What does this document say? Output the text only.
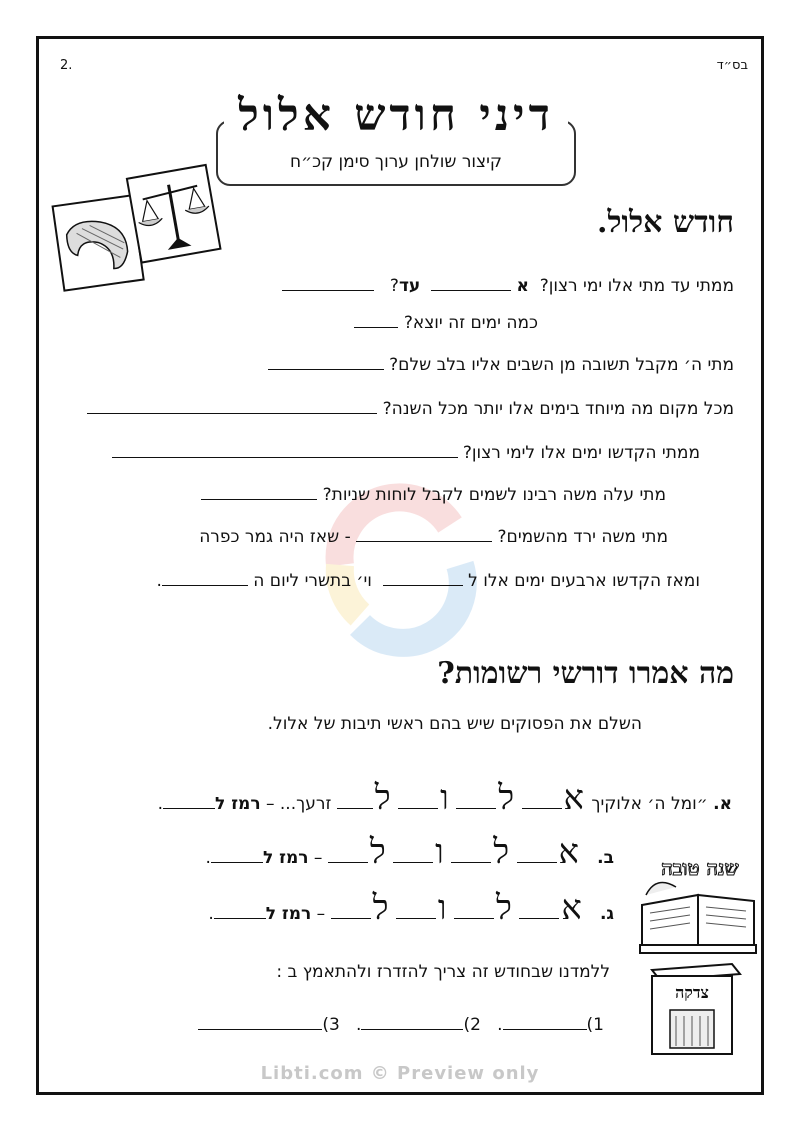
2.	בס״ד
דיני חודש אלול
קיצור שולחן ערוך סימן קכ״ח
חודש אלול.
ממתי עד מתי אלו ימי רצון?  א   עד?
כמה ימים זה יוצא?
מתי ה׳ מקבל תשובה מן השבים אליו בלב שלם?
מכל מקום מה מיוחד בימים אלו יותר מכל השנה?
ממתי הקדשו ימים אלו לימי רצון?
מתי עלה משה רבינו לשמים לקבל לוחות שניות?
מתי משה ירד מהשמים?  - שאז היה גמר כפרה
ומאז הקדשו ארבעים ימים אלו ל   וי׳ בתשרי ליום ה .
מה אמרו דורשי רשומות?
השלם את הפסוקים שיש בהם ראשי תיבות של אלול.
א. ״ומל ה׳ אלוקיך א ל ו ל זרעך... – רמז ל.
ב.   א ל ו ל – רמז ל.
ג.   א ל ו ל – רמז ל.
ללמדנו שבחודש זה צריך להזדרז ולהתאמץ ב :
1).   2).   3)
שנה טובה
צדקה
Libti.com © Preview only
